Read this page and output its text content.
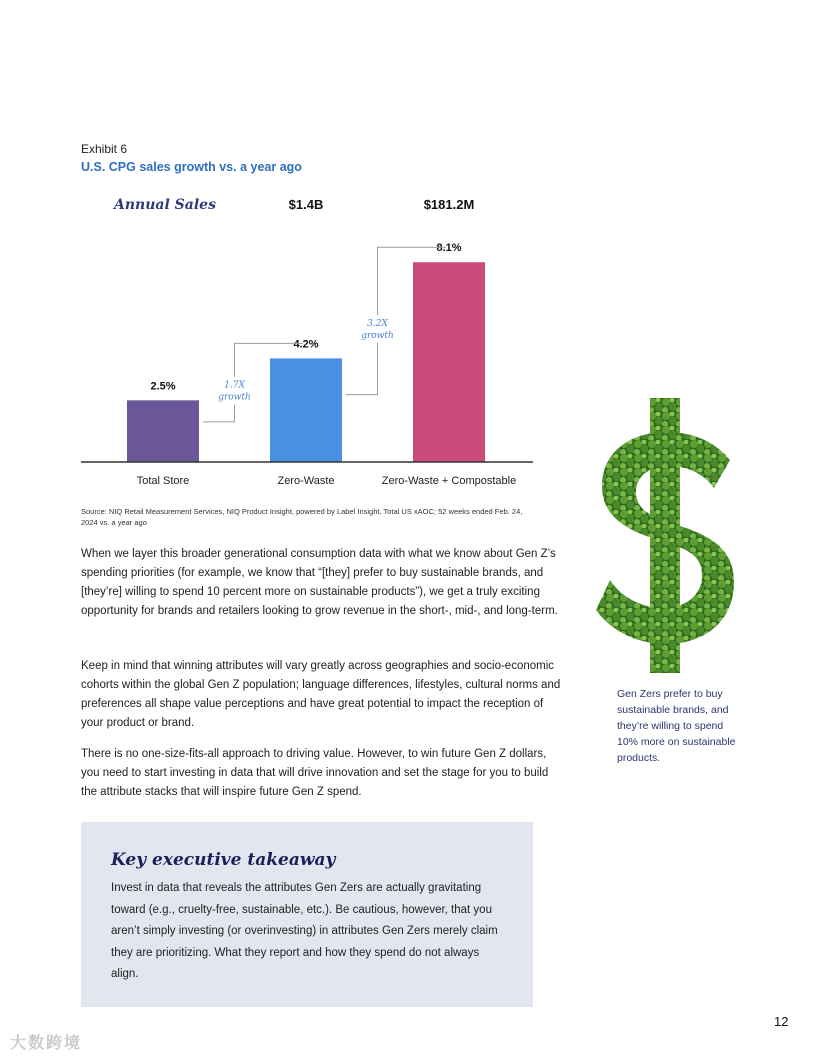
Exhibit 6
U.S. CPG sales growth vs. a year ago
Annual Sales
2.5%
Total Store
4.2%
Zero-Waste
$1.4B
8.1%
Zero-Waste + Compostable
$181.2M
1.7X
growth
3.2X
growth
Source: NIQ Retail Measurement Services, NIQ Product Insight, powered by Label Insight, Total US xAOC; 52 weeks ended Feb. 24, 2024 vs. a year ago
When we layer this broader generational consumption data with what we know about Gen Z’s spending priorities (for example, we know that “[they] prefer to buy sustainable brands, and [they’re] willing to spend 10 percent more on sustainable products”), we get a truly exciting opportunity for brands and retailers looking to grow revenue in the short-, mid-, and long-term.
Keep in mind that winning attributes will vary greatly across geographies and socio-economic cohorts within the global Gen Z population; language differences, lifestyles, cultural norms and preferences all shape value perceptions and have great potential to impact the reception of your product or brand.
There is no one-size-fits-all approach to driving value. However, to win future Gen Z dollars, you need to start investing in data that will drive innovation and set the stage for you to build the attribute stacks that will inspire future Gen Z spend.
Key executive takeaway
Invest in data that reveals the attributes Gen Zers are actually gravitating toward (e.g., cruelty-free, sustainable, etc.). Be cautious, however, that you aren’t simply investing (or overinvesting) in attributes Gen Zers merely claim they are prioritizing. What they report and how they spend do not always align.
Gen Zers prefer to buy sustainable brands, and they’re willing to spend 10% more on sustainable products.
12
大数跨境
